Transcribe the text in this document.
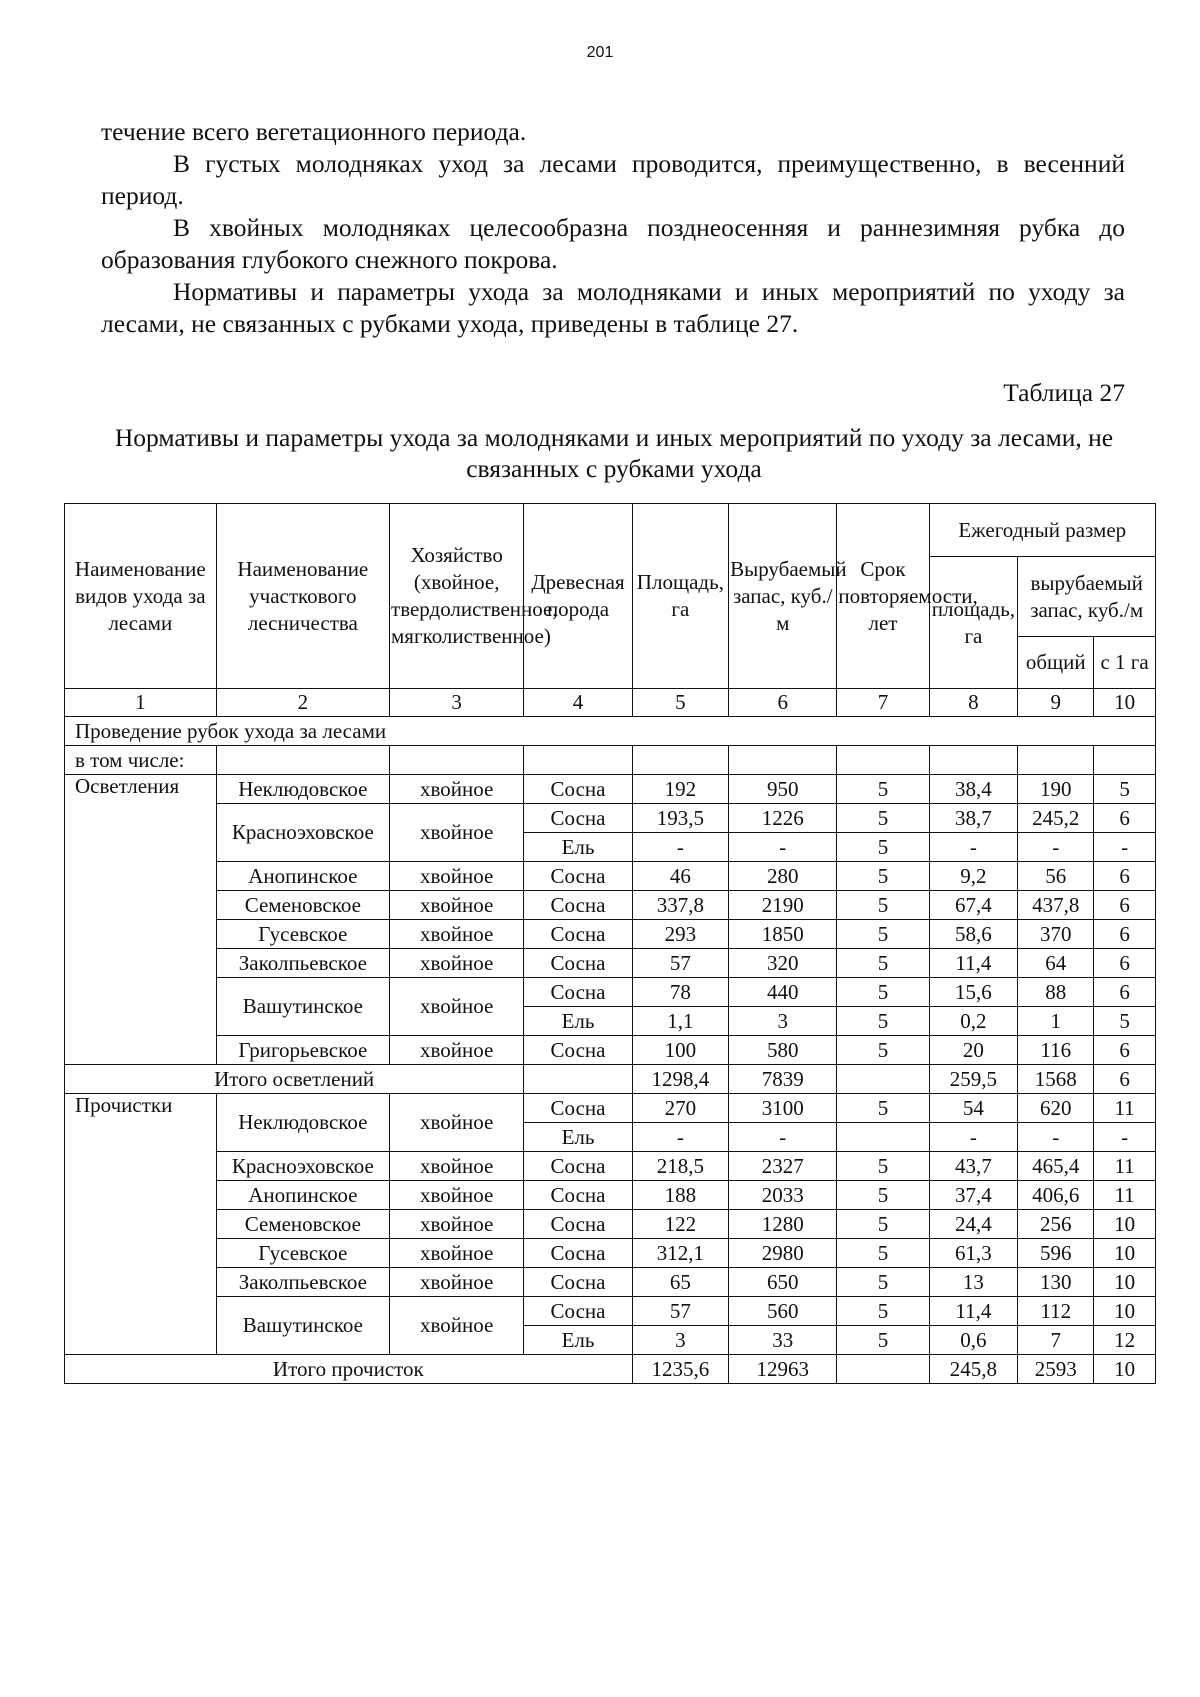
201

течение всего вегетационного периода.

В густых молодняках уход за лесами проводится, преимущественно, в весенний период.

В хвойных молодняках целесообразна позднеосенняя и раннезимняя рубка до образования глубокого снежного покрова.

Нормативы и параметры ухода за молодняками и иных мероприятий по уходу за лесами, не связанных с рубками ухода, приведены в таблице 27.

Таблица 27
Нормативы и параметры ухода за молодняками и иных мероприятий по уходу за лесами, не связанных с рубками ухода
Наименование видов ухода за лесами	Наименование участкового лесничества	Хозяйство (хвойное, твердолиственное, мягколиственное)	Древесная порода	Площадь, га	Вырубаемый запас, куб./м	Срок повторяемости, лет	Ежегодный размер		
							площадь, га	вырубаемый запас, куб./м	
								общий	с 1 га
1	2	3	4	5	6	7	8	9	10
Проведение рубок ухода за лесами									
в том числе:									
Осветления	Неклюдовское	хвойное	Сосна	192	950	5	38,4	190	5
	Красноэховское	хвойное	Сосна	193,5	1226	5	38,7	245,2	6
			Ель	-	-	5	-	-	-
	Анопинское	хвойное	Сосна	46	280	5	9,2	56	6
	Семеновское	хвойное	Сосна	337,8	2190	5	67,4	437,8	6
	Гусевское	хвойное	Сосна	293	1850	5	58,6	370	6
	Заколпьевское	хвойное	Сосна	57	320	5	11,4	64	6
	Вашутинское	хвойное	Сосна	78	440	5	15,6	88	6
			Ель	1,1	3	5	0,2	1	5
	Григорьевское	хвойное	Сосна	100	580	5	20	116	6
Итого осветлений				1298,4	7839		259,5	1568	6
Прочистки	Неклюдовское	хвойное	Сосна	270	3100	5	54	620	11
			Ель	-	-		-	-	-
	Красноэховское	хвойное	Сосна	218,5	2327	5	43,7	465,4	11
	Анопинское	хвойное	Сосна	188	2033	5	37,4	406,6	11
	Семеновское	хвойное	Сосна	122	1280	5	24,4	256	10
	Гусевское	хвойное	Сосна	312,1	2980	5	61,3	596	10
	Заколпьевское	хвойное	Сосна	65	650	5	13	130	10
	Вашутинское	хвойное	Сосна	57	560	5	11,4	112	10
			Ель	3	33	5	0,6	7	12
Итого прочисток				1235,6	12963		245,8	2593	10
